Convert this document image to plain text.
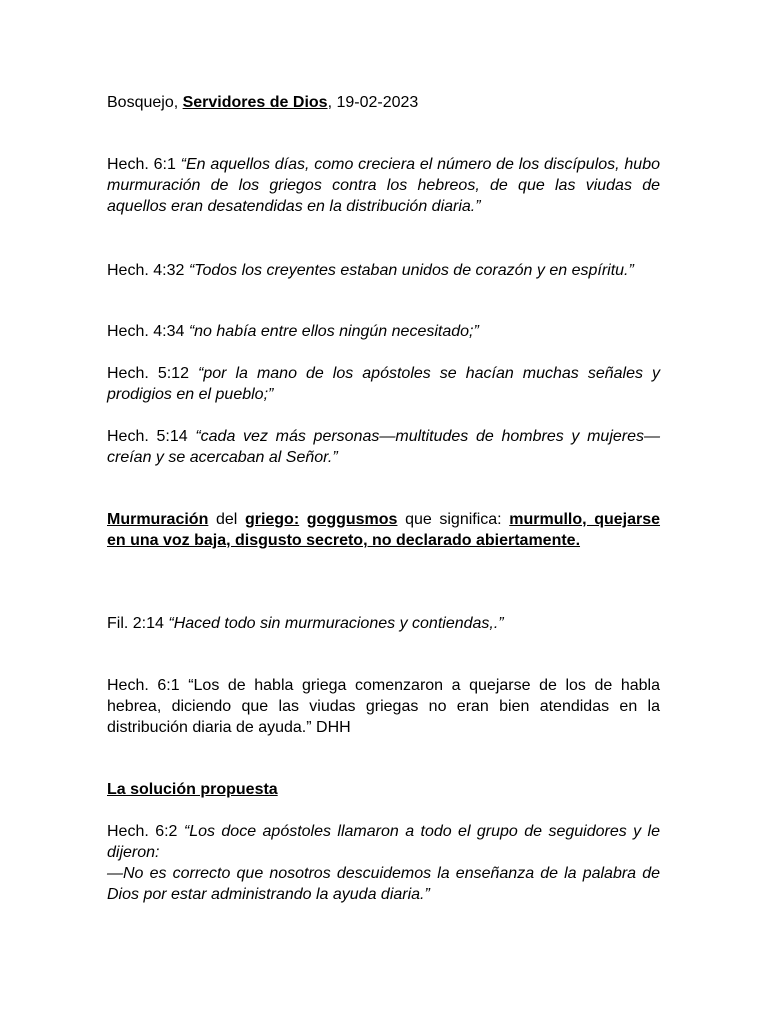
Bosquejo, Servidores de Dios, 19-02-2023

Hech. 6:1 “En aquellos días, como creciera el número de los discípulos, hubo murmuración de los griegos contra los hebreos, de que las viudas de aquellos eran desatendidas en la distribución diaria.”

Hech. 4:32 “Todos los creyentes estaban unidos de corazón y en espíritu.”

Hech. 4:34 “no había entre ellos ningún necesitado;”

Hech. 5:12 “por la mano de los apóstoles se hacían muchas señales y prodigios en el pueblo;”

Hech. 5:14 “cada vez más personas—multitudes de hombres y mujeres—creían y se acercaban al Señor.”

Murmuración del griego: goggusmos que significa: murmullo, quejarse en una voz baja, disgusto secreto, no declarado abiertamente.

Fil. 2:14 “Haced todo sin murmuraciones y contiendas,.”

Hech. 6:1 “Los de habla griega comenzaron a quejarse de los de habla hebrea, diciendo que las viudas griegas no eran bien atendidas en la distribución diaria de ayuda.” DHH

La solución propuesta

Hech. 6:2 “Los doce apóstoles llamaron a todo el grupo de seguidores y le dijeron:
—No es correcto que nosotros descuidemos la enseñanza de la palabra de Dios por estar administrando la ayuda diaria.”
